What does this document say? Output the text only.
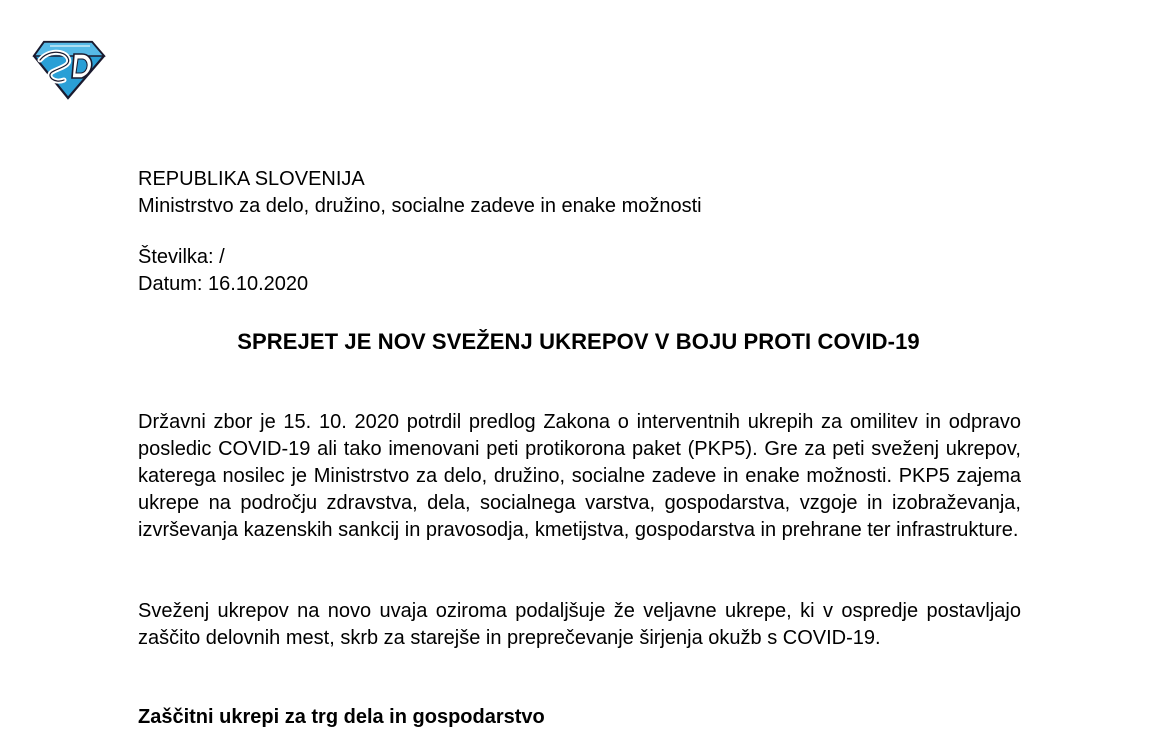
REPUBLIKA SLOVENIJA
Ministrstvo za delo, družino, socialne zadeve in enake možnosti
Številka: /
Datum: 16.10.2020
SPREJET JE NOV SVEŽENJ UKREPOV V BOJU PROTI COVID-19

Državni zbor je 15. 10. 2020 potrdil predlog Zakona o interventnih ukrepih za omilitev in odpravo posledic COVID-19 ali tako imenovani peti protikorona paket (PKP5). Gre za peti sveženj ukrepov, katerega nosilec je Ministrstvo za delo, družino, socialne zadeve in enake možnosti. PKP5 zajema ukrepe na področju zdravstva, dela, socialnega varstva, gospodarstva, vzgoje in izobraževanja, izvrševanja kazenskih sankcij in pravosodja, kmetijstva, gospodarstva in prehrane ter infrastrukture.

Sveženj ukrepov na novo uvaja oziroma podaljšuje že veljavne ukrepe, ki v ospredje postavljajo zaščito delovnih mest, skrb za starejše in preprečevanje širjenja okužb s COVID-19.

Zaščitni ukrepi za trg dela in gospodarstvo
